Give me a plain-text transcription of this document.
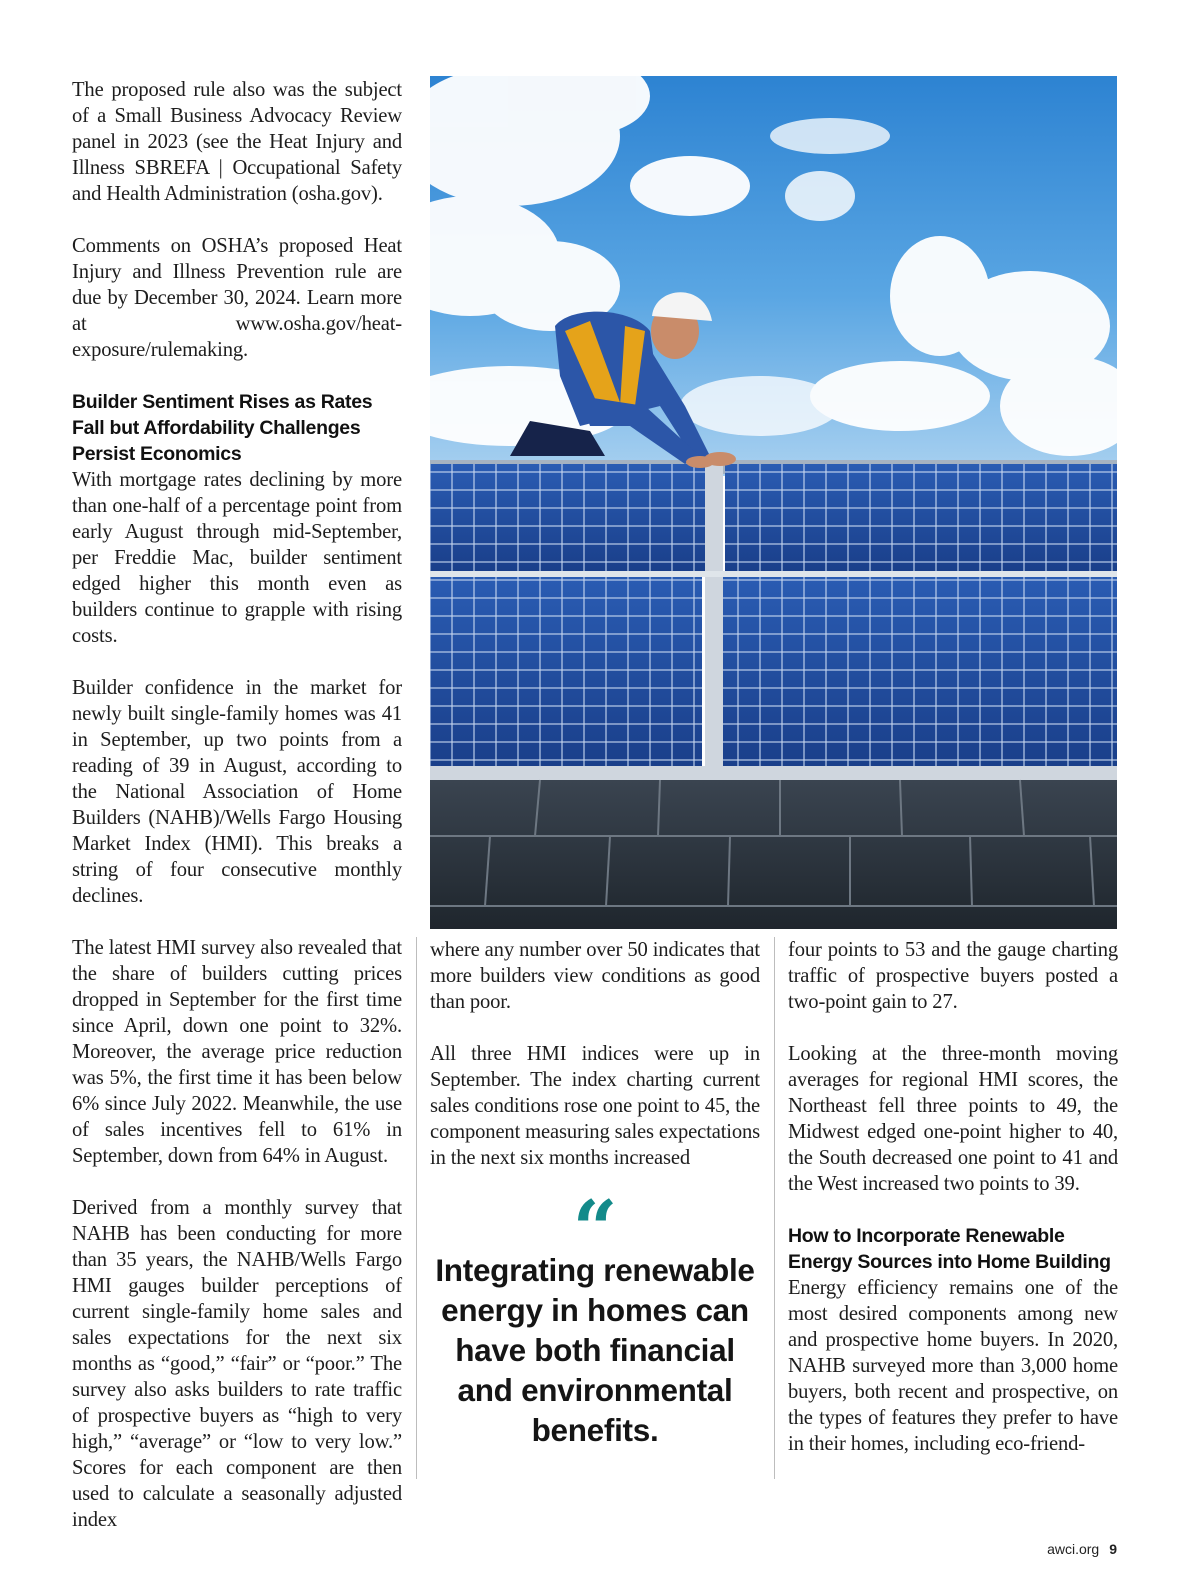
The proposed rule also was the subject of a Small Business Advocacy Review panel in 2023 (see the Heat Injury and Illness SBREFA | Occupational Safety and Health Administration (osha.gov).

Comments on OSHA’s proposed Heat Injury and Illness Prevention rule are due by December 30, 2024. Learn more at www.osha.gov/heat-exposure/rulemaking.

Builder Sentiment Rises as Rates Fall but Affordability Challenges Persist Economics

With mortgage rates declining by more than one-half of a percentage point from early August through mid-September, per Freddie Mac, builder sentiment edged higher this month even as builders continue to grapple with rising costs.

Builder confidence in the market for newly built single-family homes was 41 in September, up two points from a reading of 39 in August, according to the National Association of Home Builders (NAHB)/Wells Fargo Housing Market Index (HMI). This breaks a string of four consecutive monthly declines.

The latest HMI survey also revealed that the share of builders cutting prices dropped in September for the first time since April, down one point to 32%. Moreover, the average price reduction was 5%, the first time it has been below 6% since July 2022. Meanwhile, the use of sales incentives fell to 61% in September, down from 64% in August.

Derived from a monthly survey that NAHB has been conducting for more than 35 years, the NAHB/Wells Fargo HMI gauges builder perceptions of current single-family home sales and sales expectations for the next six months as “good,” “fair” or “poor.” The survey also asks builders to rate traffic of prospective buyers as “high to very high,” “average” or “low to very low.” Scores for each component are then used to calculate a seasonally adjusted index

where any number over 50 indicates that more builders view conditions as good than poor.

All three HMI indices were up in September. The index charting current sales conditions rose one point to 45, the component measuring sales expectations in the next six months increased

“
Integrating renewable energy in homes can have both financial and environmental benefits.

four points to 53 and the gauge charting traffic of prospective buyers posted a two-point gain to 27.

Looking at the three-month moving averages for regional HMI scores, the Northeast fell three points to 49, the Midwest edged one-point higher to 40, the South decreased one point to 41 and the West increased two points to 39.

How to Incorporate Renewable Energy Sources into Home Building

Energy efficiency remains one of the most desired components among new and prospective home buyers. In 2020, NAHB surveyed more than 3,000 home buyers, both recent and prospective, on the types of features they prefer to have in their homes, including eco-friend-

awci.org 9
